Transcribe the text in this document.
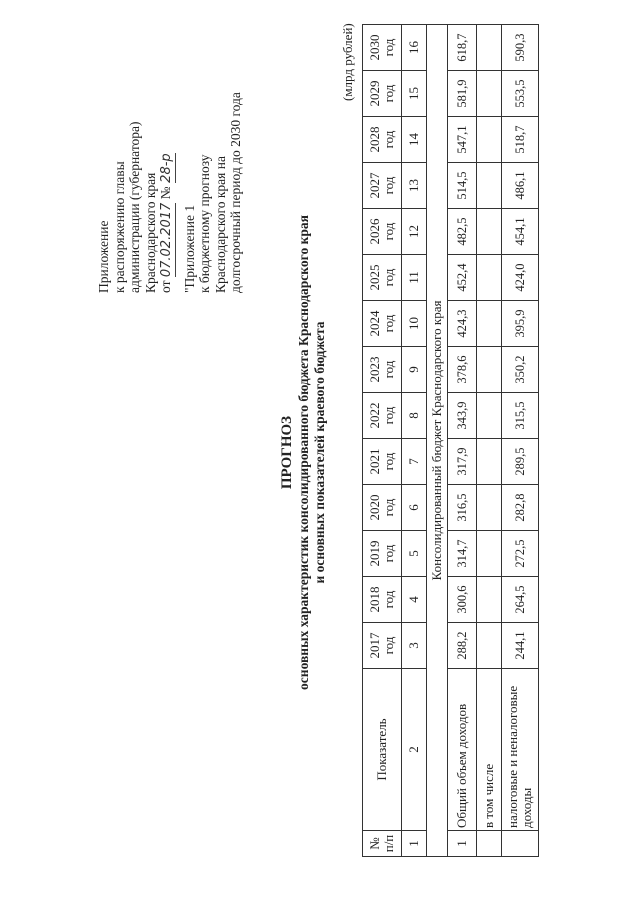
Приложение к распоряжению главы администрации (губернатора) Краснодарского края от 07.02.2017 № 28-р
"Приложение 1 к бюджетному прогнозу Краснодарского края на долгосрочный период до 2030 года
ПРОГНОЗ основных характеристик консолидированного бюджета Краснодарского края и основных показателей краевого бюджета
(млрд рублей)
№ п/п	Показатель	2017 год	2018 год	2019 год	2020 год	2021 год	2022 год	2023 год	2024 год	2025 год	2026 год	2027 год	2028 год	2029 год	2030 год
1	2	3	4	5	6	7	8	9	10	11	12	13	14	15	16
Консолидированный бюджет Краснодарского края															
1	Общий объем доходов	288,2	300,6	314,7	316,5	317,9	343,9	378,6	424,3	452,4	482,5	514,5	547,1	581,9	618,7
	в том числе														
	налоговые и неналоговые доходы	244,1	264,5	272,5	282,8	289,5	315,5	350,2	395,9	424,0	454,1	486,1	518,7	553,5	590,3
